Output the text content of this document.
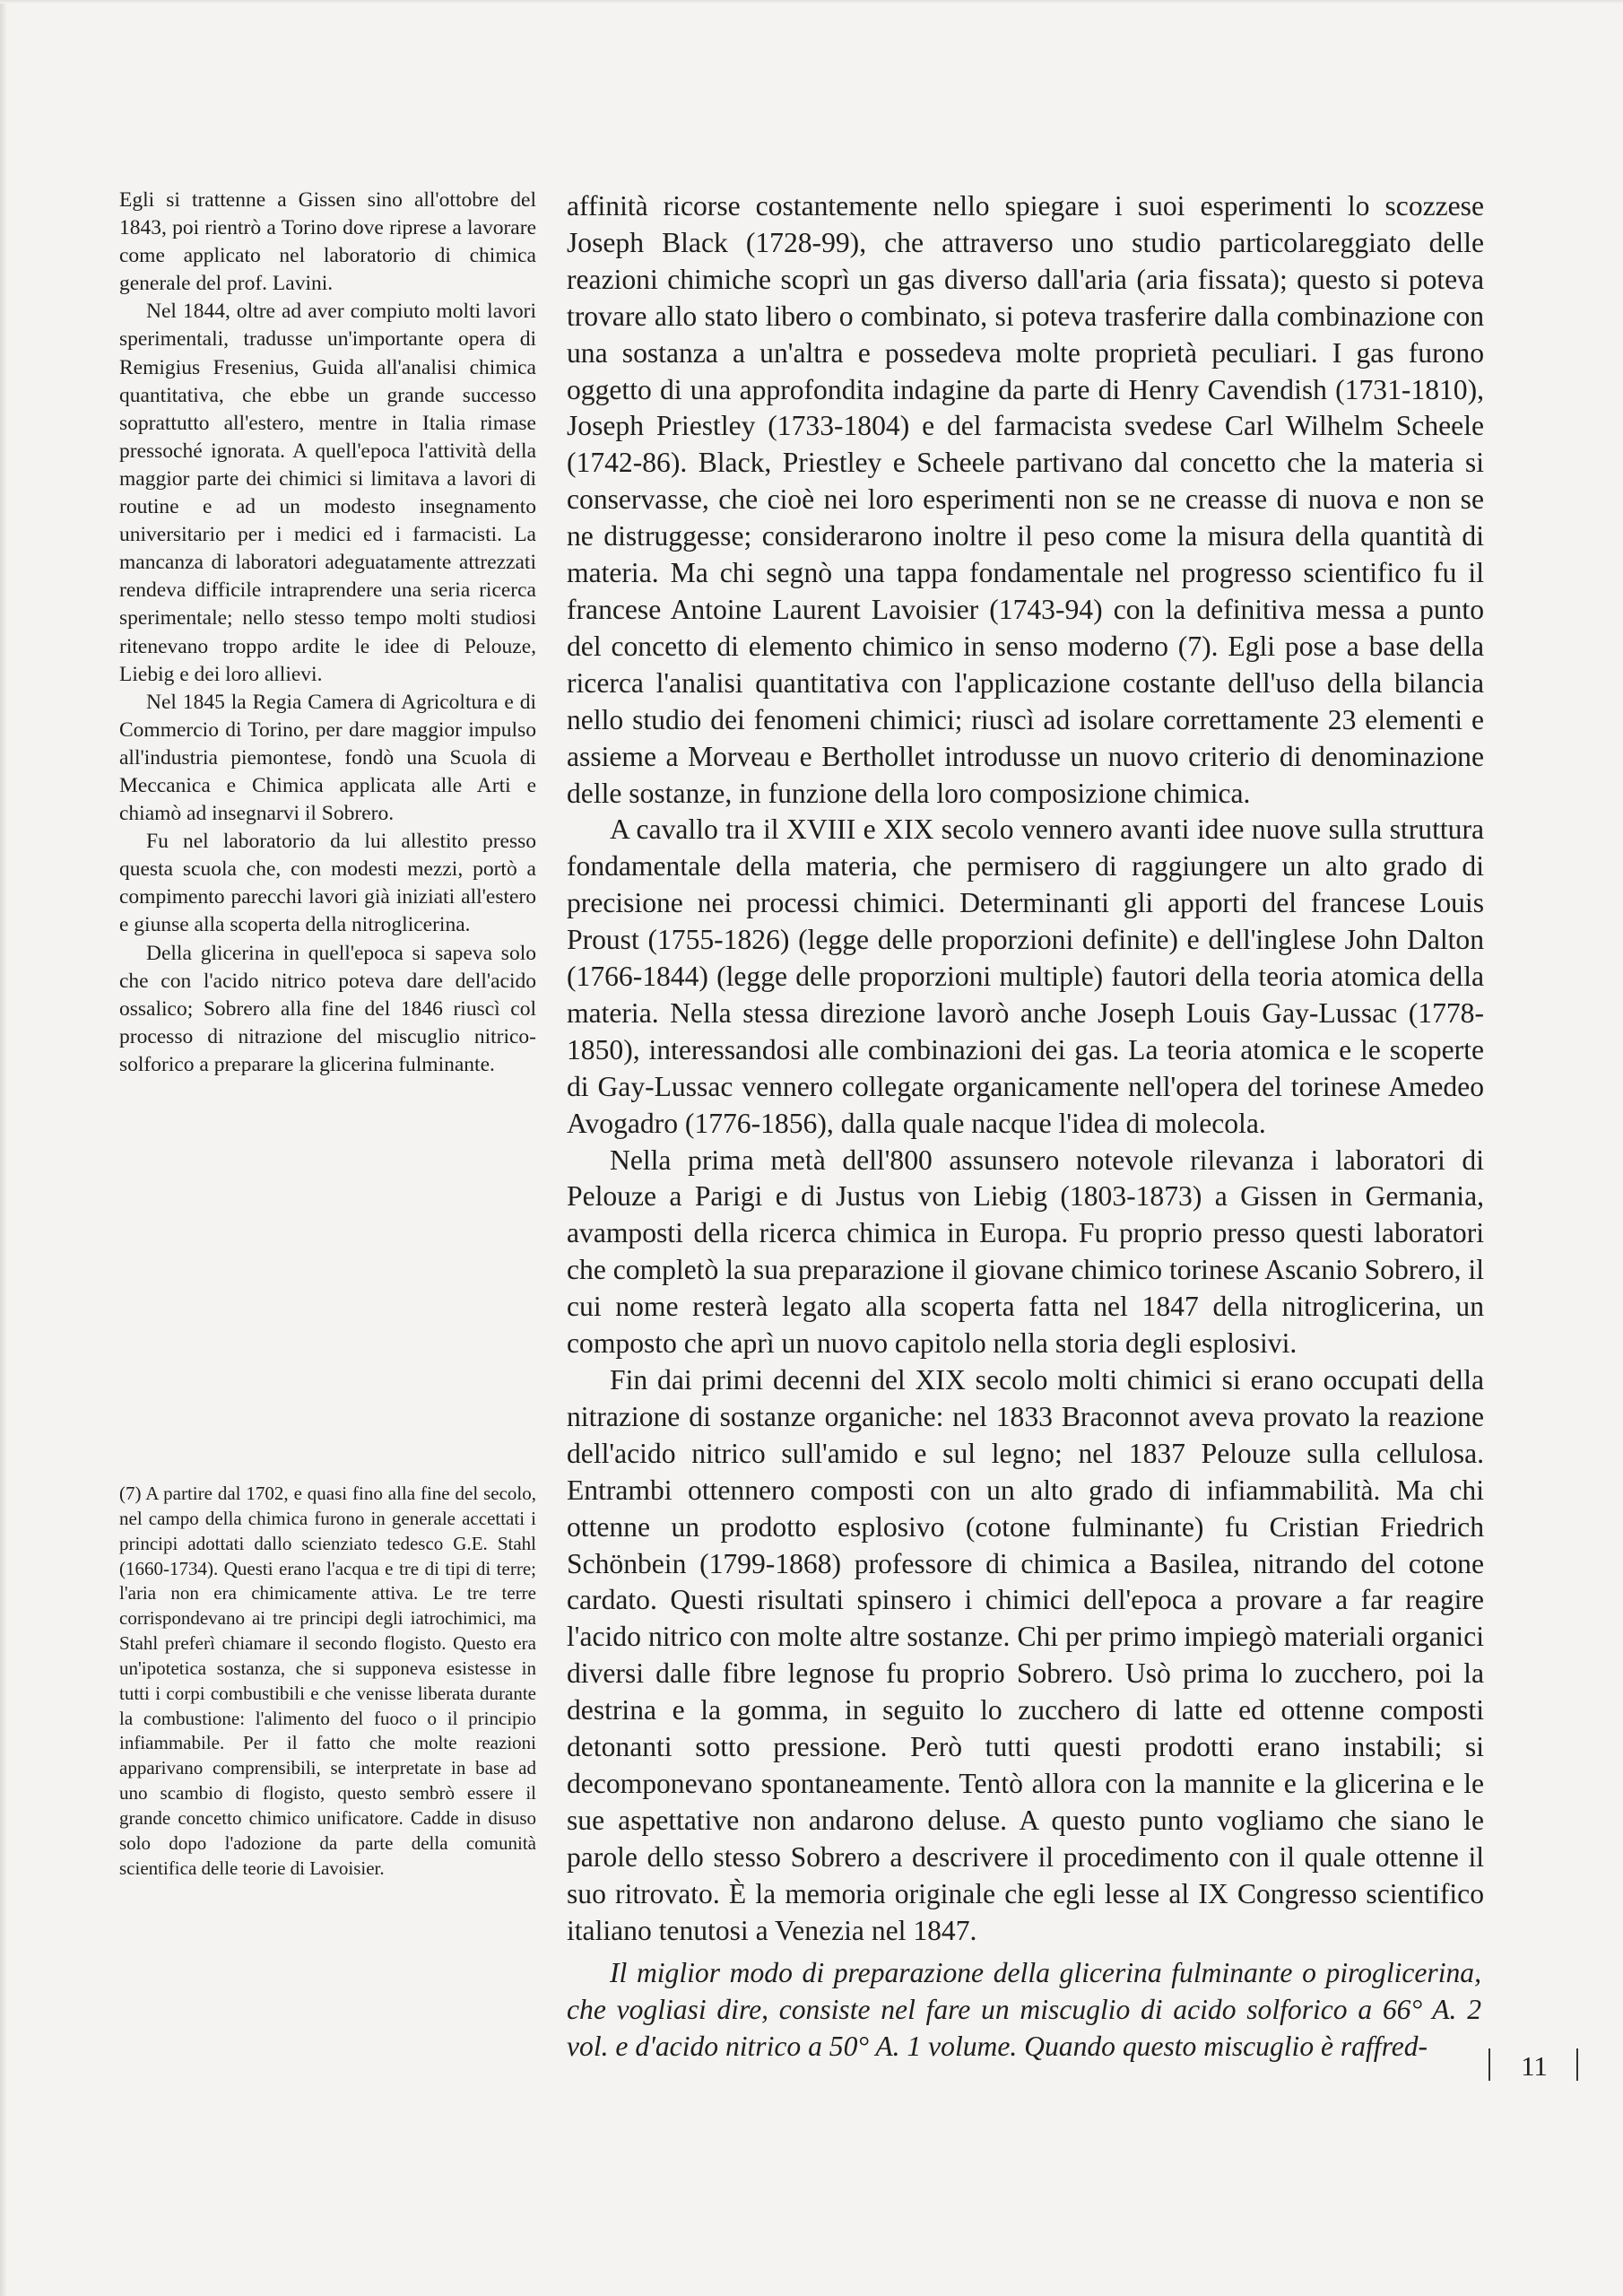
Egli si trattenne a Gissen sino all'ottobre del 1843, poi rientrò a Torino dove riprese a lavorare come applicato nel laboratorio di chimica generale del prof. Lavini.

Nel 1844, oltre ad aver compiuto molti lavori sperimentali, tradusse un'importante opera di Remigius Fresenius, Guida all'analisi chimica quantitativa, che ebbe un grande successo soprattutto all'estero, mentre in Italia rimase pressoché ignorata. A quell'epoca l'attività della maggior parte dei chimici si limitava a lavori di routine e ad un modesto insegnamento universitario per i medici ed i farmacisti. La mancanza di laboratori adeguatamente attrezzati rendeva difficile intraprendere una seria ricerca sperimentale; nello stesso tempo molti studiosi ritenevano troppo ardite le idee di Pelouze, Liebig e dei loro allievi.

Nel 1845 la Regia Camera di Agricoltura e di Commercio di Torino, per dare maggior impulso all'industria piemontese, fondò una Scuola di Meccanica e Chimica applicata alle Arti e chiamò ad insegnarvi il Sobrero.

Fu nel laboratorio da lui allestito presso questa scuola che, con modesti mezzi, portò a compimento parecchi lavori già iniziati all'estero e giunse alla scoperta della nitroglicerina.

Della glicerina in quell'epoca si sapeva solo che con l'acido nitrico poteva dare dell'acido ossalico; Sobrero alla fine del 1846 riuscì col processo di nitrazione del miscuglio nitrico-solforico a preparare la glicerina fulminante.

(7) A partire dal 1702, e quasi fino alla fine del secolo, nel campo della chimica furono in generale accettati i principi adottati dallo scienziato tedesco G.E. Stahl (1660-1734). Questi erano l'acqua e tre di tipi di terre; l'aria non era chimicamente attiva. Le tre terre corrispondevano ai tre principi degli iatrochimici, ma Stahl preferì chiamare il secondo flogisto. Questo era un'ipotetica sostanza, che si supponeva esistesse in tutti i corpi combustibili e che venisse liberata durante la combustione: l'alimento del fuoco o il principio infiammabile. Per il fatto che molte reazioni apparivano comprensibili, se interpretate in base ad uno scambio di flogisto, questo sembrò essere il grande concetto chimico unificatore. Cadde in disuso solo dopo l'adozione da parte della comunità scientifica delle teorie di Lavoisier.

affinità ricorse costantemente nello spiegare i suoi esperimenti lo scozzese Joseph Black (1728-99), che attraverso uno studio particolareggiato delle reazioni chimiche scoprì un gas diverso dall'aria (aria fissata); questo si poteva trovare allo stato libero o combinato, si poteva trasferire dalla combinazione con una sostanza a un'altra e possedeva molte proprietà peculiari. I gas furono oggetto di una approfondita indagine da parte di Henry Cavendish (1731-1810), Joseph Priestley (1733-1804) e del farmacista svedese Carl Wilhelm Scheele (1742-86). Black, Priestley e Scheele partivano dal concetto che la materia si conservasse, che cioè nei loro esperimenti non se ne creasse di nuova e non se ne distruggesse; considerarono inoltre il peso come la misura della quantità di materia. Ma chi segnò una tappa fondamentale nel progresso scientifico fu il francese Antoine Laurent Lavoisier (1743-94) con la definitiva messa a punto del concetto di elemento chimico in senso moderno (7). Egli pose a base della ricerca l'analisi quantitativa con l'applicazione costante dell'uso della bilancia nello studio dei fenomeni chimici; riuscì ad isolare correttamente 23 elementi e assieme a Morveau e Berthollet introdusse un nuovo criterio di denominazione delle sostanze, in funzione della loro composizione chimica.

A cavallo tra il XVIII e XIX secolo vennero avanti idee nuove sulla struttura fondamentale della materia, che permisero di raggiungere un alto grado di precisione nei processi chimici. Determinanti gli apporti del francese Louis Proust (1755-1826) (legge delle proporzioni definite) e dell'inglese John Dalton (1766-1844) (legge delle proporzioni multiple) fautori della teoria atomica della materia. Nella stessa direzione lavorò anche Joseph Louis Gay-Lussac (1778-1850), interessandosi alle combinazioni dei gas. La teoria atomica e le scoperte di Gay-Lussac vennero collegate organicamente nell'opera del torinese Amedeo Avogadro (1776-1856), dalla quale nacque l'idea di molecola.

Nella prima metà dell'800 assunsero notevole rilevanza i laboratori di Pelouze a Parigi e di Justus von Liebig (1803-1873) a Gissen in Germania, avamposti della ricerca chimica in Europa. Fu proprio presso questi laboratori che completò la sua preparazione il giovane chimico torinese Ascanio Sobrero, il cui nome resterà legato alla scoperta fatta nel 1847 della nitroglicerina, un composto che aprì un nuovo capitolo nella storia degli esplosivi.

Fin dai primi decenni del XIX secolo molti chimici si erano occupati della nitrazione di sostanze organiche: nel 1833 Braconnot aveva provato la reazione dell'acido nitrico sull'amido e sul legno; nel 1837 Pelouze sulla cellulosa. Entrambi ottennero composti con un alto grado di infiammabilità. Ma chi ottenne un prodotto esplosivo (cotone fulminante) fu Cristian Friedrich Schönbein (1799-1868) professore di chimica a Basilea, nitrando del cotone cardato. Questi risultati spinsero i chimici dell'epoca a provare a far reagire l'acido nitrico con molte altre sostanze. Chi per primo impiegò materiali organici diversi dalle fibre legnose fu proprio Sobrero. Usò prima lo zucchero, poi la destrina e la gomma, in seguito lo zucchero di latte ed ottenne composti detonanti sotto pressione. Però tutti questi prodotti erano instabili; si decomponevano spontaneamente. Tentò allora con la mannite e la glicerina e le sue aspettative non andarono deluse. A questo punto vogliamo che siano le parole dello stesso Sobrero a descrivere il procedimento con il quale ottenne il suo ritrovato. È la memoria originale che egli lesse al IX Congresso scientifico italiano tenutosi a Venezia nel 1847.

Il miglior modo di preparazione della glicerina fulminante o piroglicerina, che vogliasi dire, consiste nel fare un miscuglio di acido solforico a 66° A. 2 vol. e d'acido nitrico a 50° A. 1 volume. Quando questo miscuglio è raffred-

11
